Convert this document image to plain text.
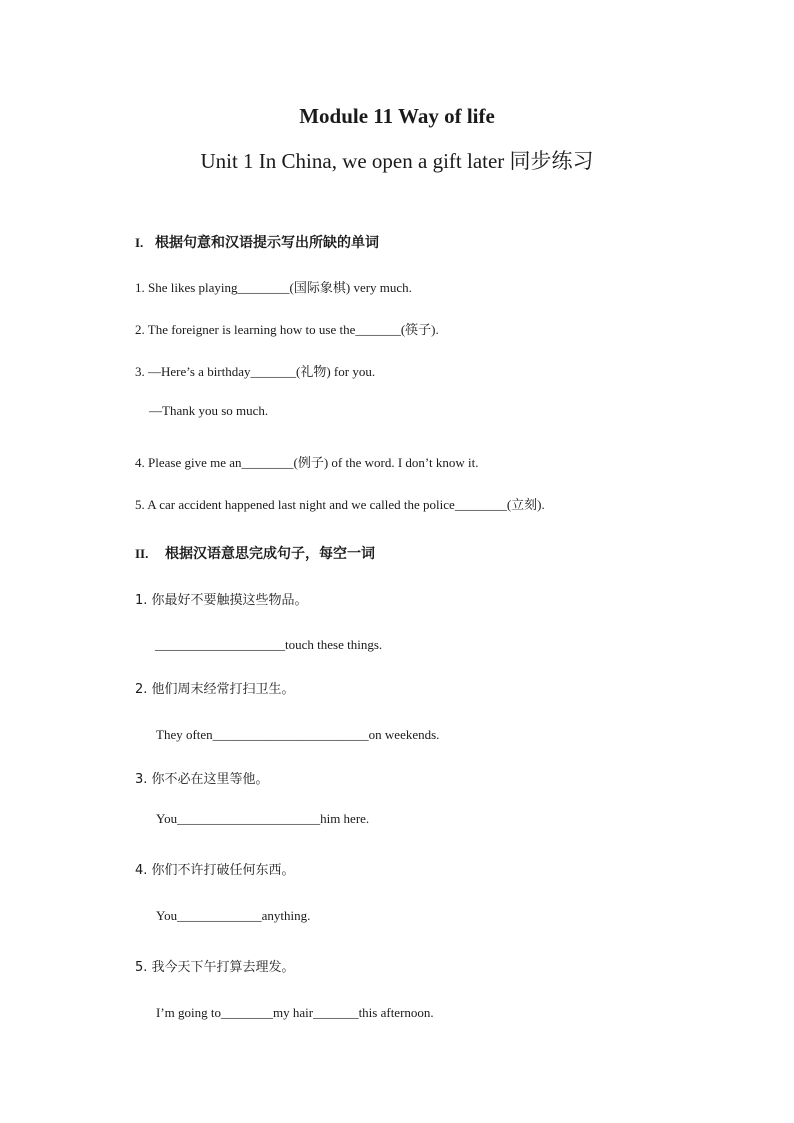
Module 11 Way of life
Unit 1 In China, we open a gift later 同步练习
I. 根据句意和汉语提示写出所缺的单词
1. She likes playing________(国际象棋) very much.
2. The foreigner is learning how to use the_______(筷子).
3. —Here’s a birthday_______(礼物) for you.
—Thank you so much.
4. Please give me an________(例子) of the word. I don’t know it.
5. A car accident happened last night and we called the police________(立刻).
II. 根据汉语意思完成句子，每空一词
1. 你最好不要触摸这些物品。
____________________touch these things.
2. 他们周末经常打扫卫生。
They often________________________on weekends.
3. 你不必在这里等他。
You______________________him here.
4. 你们不许打破任何东西。
You_____________anything.
5. 我今天下午打算去理发。
I’m going to________my hair_______this afternoon.
